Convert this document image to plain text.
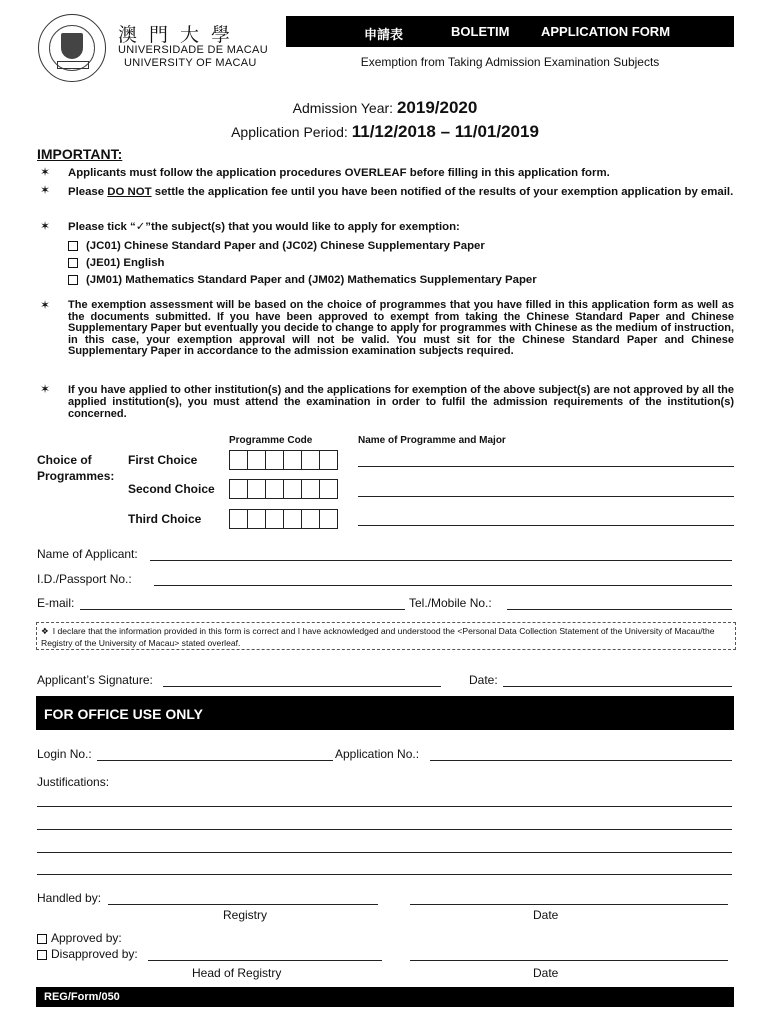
澳門大學
UNIVERSIDADE DE MACAU
UNIVERSITY OF MACAU
申請表	BOLETIM APPLICATION FORM
Exemption from Taking Admission Examination Subjects
Admission Year: 2019/2020
Application Period: 11/12/2018 – 11/01/2019
IMPORTANT:
✶ Applicants must follow the application procedures OVERLEAF before filling in this application form.
✶ Please DO NOT settle the application fee until you have been notified of the results of your exemption application by email.
✶ Please tick “✓”the subject(s) that you would like to apply for exemption:
(JC01) Chinese Standard Paper and (JC02) Chinese Supplementary Paper
(JE01) English
(JM01) Mathematics Standard Paper and (JM02) Mathematics Supplementary Paper
✶ The exemption assessment will be based on the choice of programmes that you have filled in this application form as well as the documents submitted. If you have been approved to exempt from taking the Chinese Standard Paper and Chinese Supplementary Paper but eventually you decide to change to apply for programmes with Chinese as the medium of instruction, in this case, your exemption approval will not be valid. You must sit for the Chinese Standard Paper and Chinese Supplementary Paper in accordance to the admission examination subjects required.
✶ If you have applied to other institution(s) and the applications for exemption of the above subject(s) are not approved by all the applied institution(s), you must attend the examination in order to fulfil the admission requirements of the institution(s) concerned.
Programme Code	Name of Programme and Major
Choice of
Programmes:
First Choice
Second Choice
Third Choice
Name of Applicant:
I.D./Passport No.:
E-mail:	Tel./Mobile No.:
❖ I declare that the information provided in this form is correct and I have acknowledged and understood the <Personal Data Collection Statement of the University of Macau/the Registry of the University of Macau> stated overleaf.
Applicant’s Signature:	Date:
FOR OFFICE USE ONLY
Login No.:	Application No.:
Justifications:
Handled by:
Registry	Date
Approved by:
Disapproved by:
Head of Registry	Date
REG/Form/050
